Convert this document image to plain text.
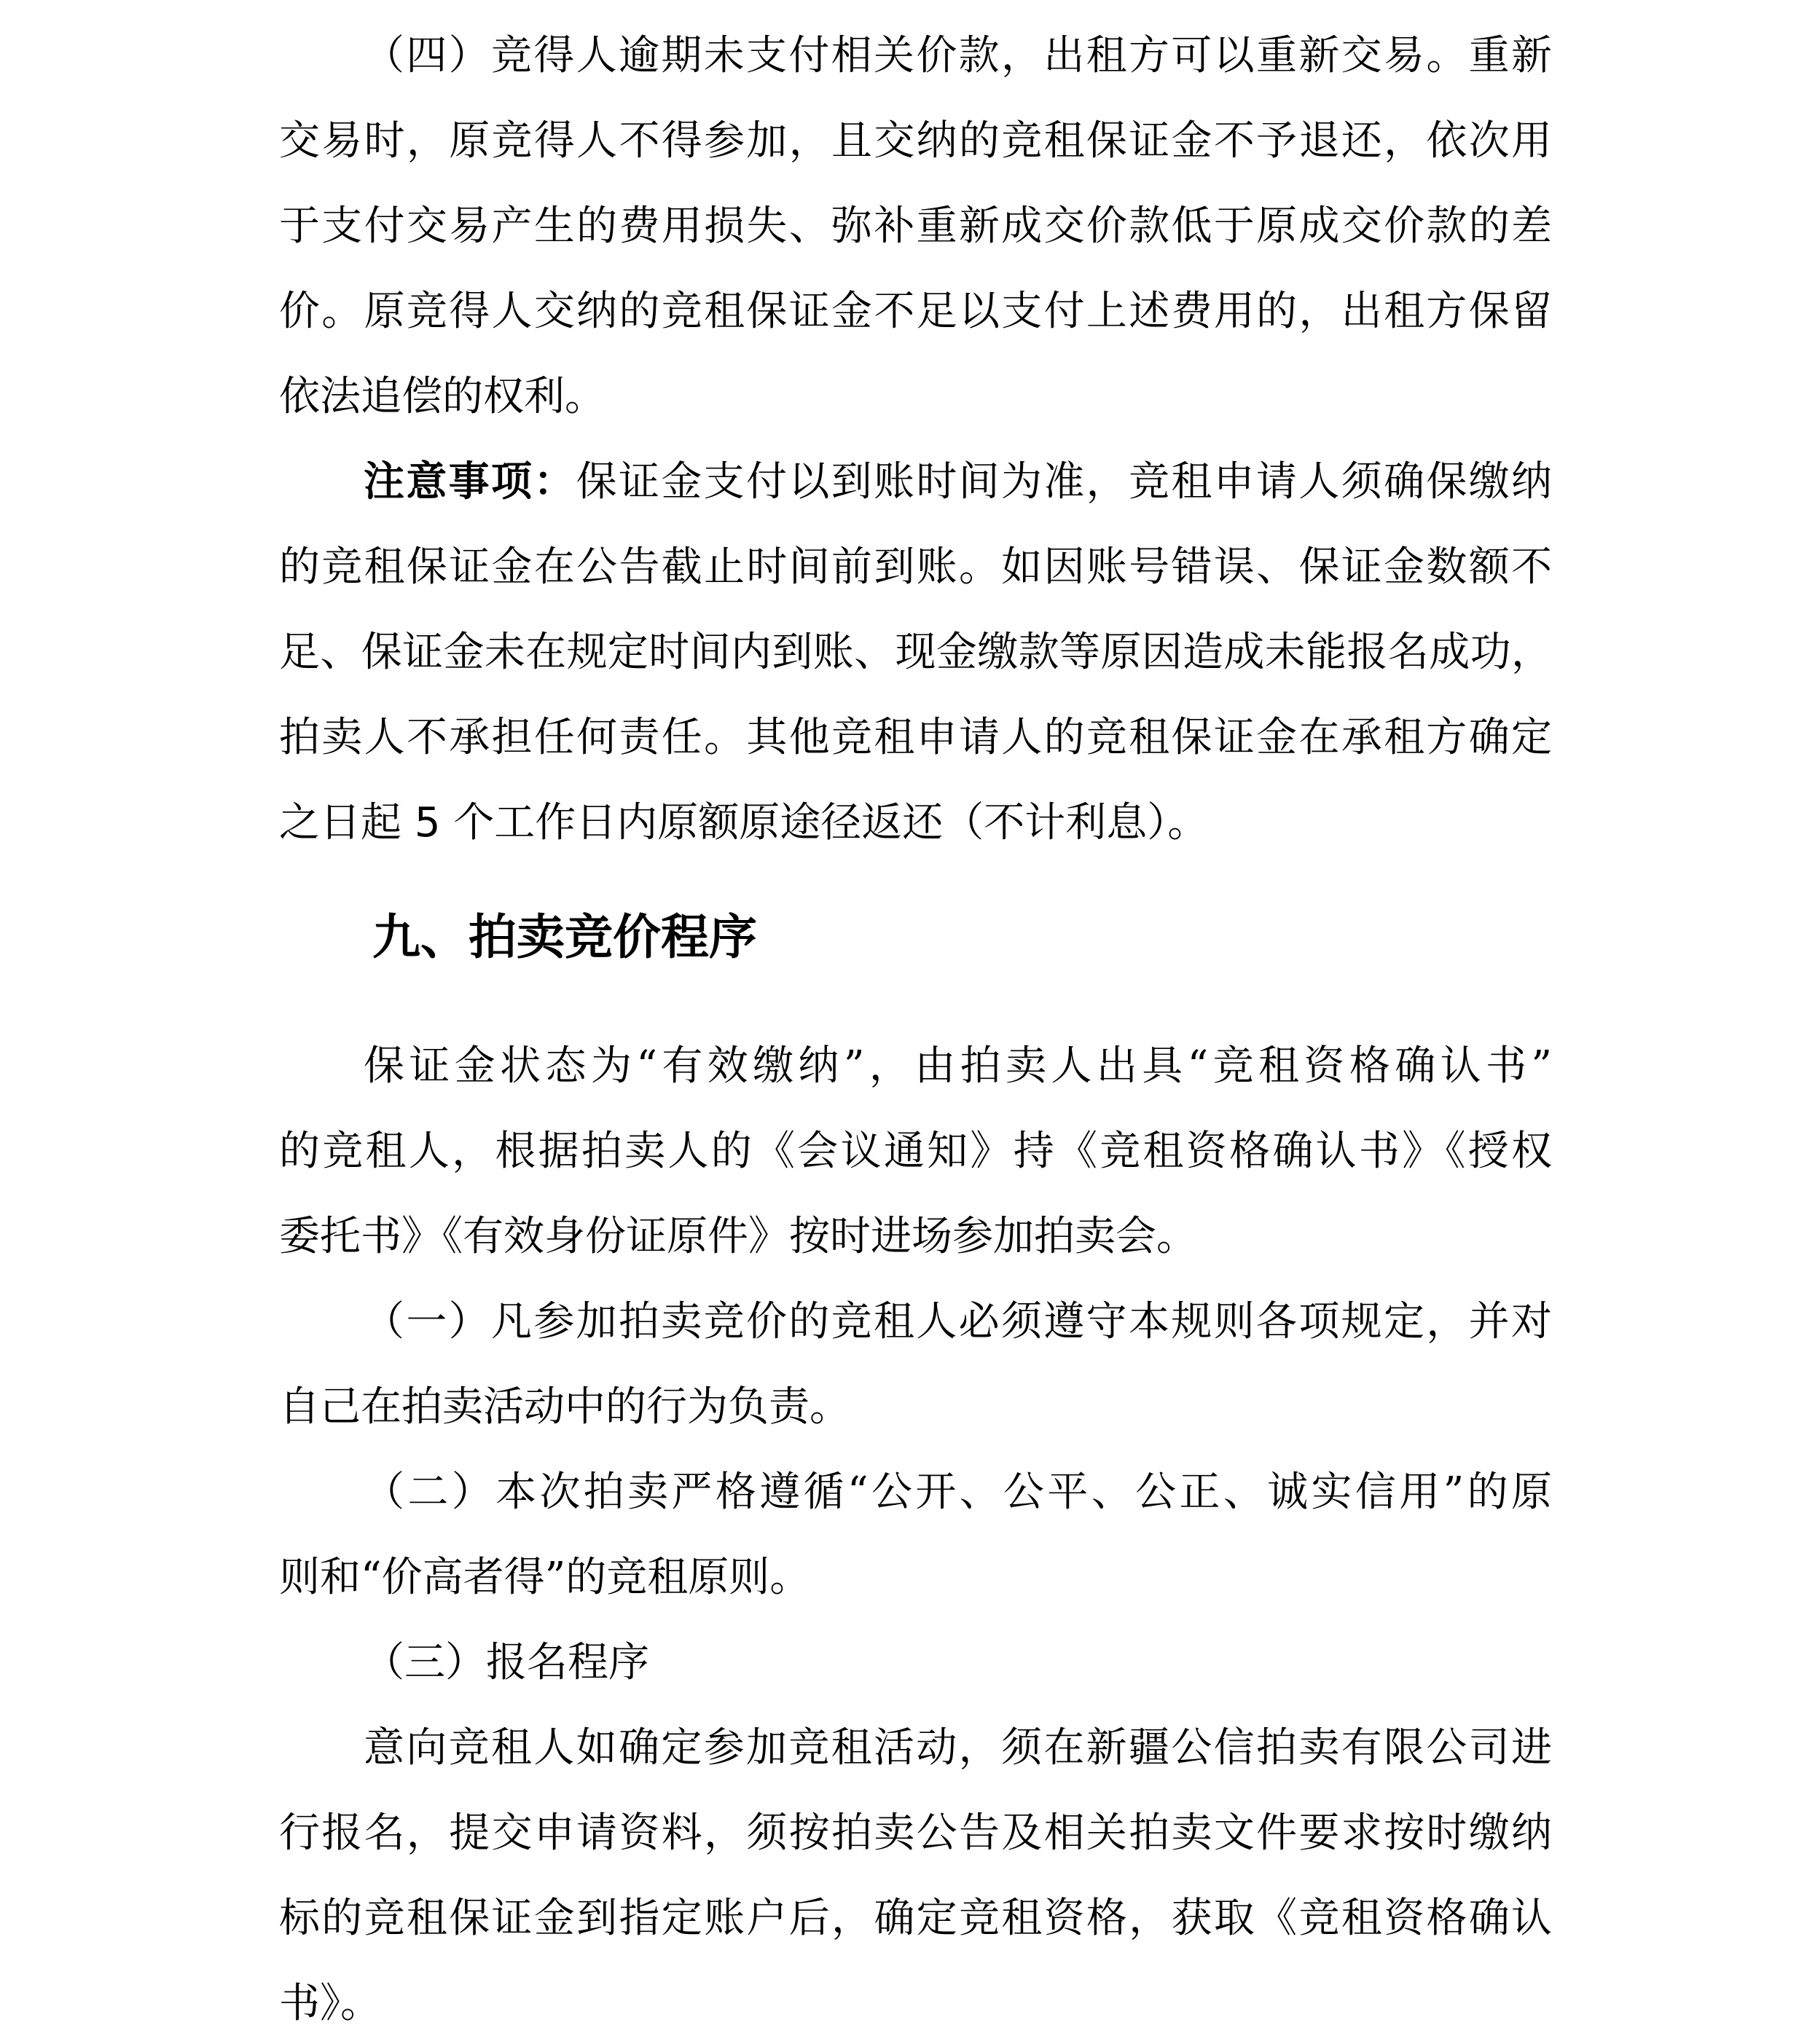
（四）竞得人逾期未支付相关价款，出租方可以重新交易。重新
交易时，原竞得人不得参加，且交纳的竞租保证金不予退还，依次用
于支付交易产生的费用损失、弥补重新成交价款低于原成交价款的差
价。原竞得人交纳的竞租保证金不足以支付上述费用的，出租方保留
依法追偿的权利。

注意事项：保证金支付以到账时间为准，竞租申请人须确保缴纳
的竞租保证金在公告截止时间前到账。如因账号错误、保证金数额不
足、保证金未在规定时间内到账、现金缴款等原因造成未能报名成功，
拍卖人不承担任何责任。其他竞租申请人的竞租保证金在承租方确定
之日起 5 个工作日内原额原途径返还（不计利息）。

九、拍卖竞价程序

保证金状态为“有效缴纳”，由拍卖人出具“竞租资格确认书”
的竞租人，根据拍卖人的《会议通知》持《竞租资格确认书》《授权
委托书》《有效身份证原件》按时进场参加拍卖会。

（一）凡参加拍卖竞价的竞租人必须遵守本规则各项规定，并对
自己在拍卖活动中的行为负责。

（二）本次拍卖严格遵循“公开、公平、公正、诚实信用”的原
则和“价高者得”的竞租原则。

（三）报名程序

意向竞租人如确定参加竞租活动，须在新疆公信拍卖有限公司进
行报名，提交申请资料，须按拍卖公告及相关拍卖文件要求按时缴纳
标的竞租保证金到指定账户后，确定竞租资格，获取《竞租资格确认
书》。
